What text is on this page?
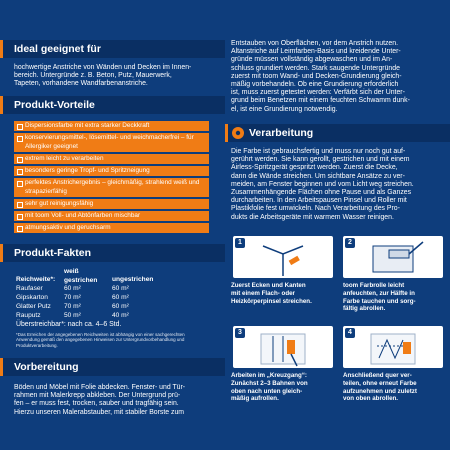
Ideal geeignet für
hochwertige Anstriche von Wänden und Decken im Innen-
bereich. Untergründe z. B. Beton, Putz, Mauerwerk,
Tapeten, vorhandene Wandfarbenanstriche.
Produkt-Vorteile
Dispersionsfarbe mit extra starker Deckkraft
konservierungsmittel-, lösemittel- und weichmacherfrei – für Allergiker geeignet
extrem leicht zu verarbeiten
besonders geringe Tropf- und Spritzneigung
perfektes Anstrichergebnis – gleichmäßig, strahlend weiß und strapazierfähig
sehr gut reinigungsfähig
mit toom Voll- und Abtönfarben mischbar
atmungsaktiv und geruchsarm
Produkt-Fakten
Reichweite*:
weiß gestrichen	ungestrichen
Raufaser	60 m²	60 m²
Gipskarton	70 m²	60 m²
Glatter Putz	70 m²	60 m²
Rauputz	50 m²	40 m²
Überstreichbar*: nach ca. 4–6 Std.
*Das Erreichen der angegebenen Reichweiten ist abhängig von einer sachgerechten
Anwendung gemäß den angegebenen Hinweisen zur Untergrundvorbehandlung und
Produktverarbeitung.
Vorbereitung
Böden und Möbel mit Folie abdecken. Fenster- und Tür-
rahmen mit Malerkrepp abkleben. Der Untergrund prü-
fen – er muss fest, trocken, sauber und tragfähig sein.
Hierzu unseren Malerabstauber, mit stabiler Borste zum
Entstauben von Oberflächen, vor dem Anstrich nutzen.
Altanstriche auf Leimfarben-Basis und kreidende Unter-
gründe müssen vollständig abgewaschen und im An-
schluss grundiert werden. Stark saugende Untergründe
zuerst mit toom Wand- und Decken-Grundierung gleich-
mäßig vorbehandeln. Ob eine Grundierung erforderlich
ist, muss zuerst getestet werden: Verfärbt sich der Unter-
grund beim Benetzen mit einem feuchten Schwamm dunk-
el, ist eine Grundierung notwendig.
Verarbeitung
Die Farbe ist gebrauchsfertig und muss nur noch gut auf-
gerührt werden. Sie kann gerollt, gestrichen und mit einem
Airless-Spritzgerät gespritzt werden. Zuerst die Decke,
dann die Wände streichen. Um sichtbare Ansätze zu ver-
meiden, am Fenster beginnen und vom Licht weg streichen.
Zusammenhängende Flächen ohne Pause und als Ganzes
durcharbeiten. In den Arbeitspausen Pinsel und Roller mit
Plastikfolie fest umwickeln. Nach Verarbeitung des Pro-
dukts die Arbeitsgeräte mit warmem Wasser reinigen.
1
Zuerst Ecken und Kanten
mit einem Flach- oder
Heizkörperpinsel streichen.
2
toom Farbrolle leicht
anfeuchten, zur Hälfte in
Farbe tauchen und sorg-
fältig abrollen.
3
Arbeiten im „Kreuzgang“:
Zunächst 2–3 Bahnen von
oben nach unten gleich-
mäßig aufrollen.
4
Anschließend quer ver-
teilen, ohne erneut Farbe
aufzunehmen und zuletzt
von oben abrollen.
